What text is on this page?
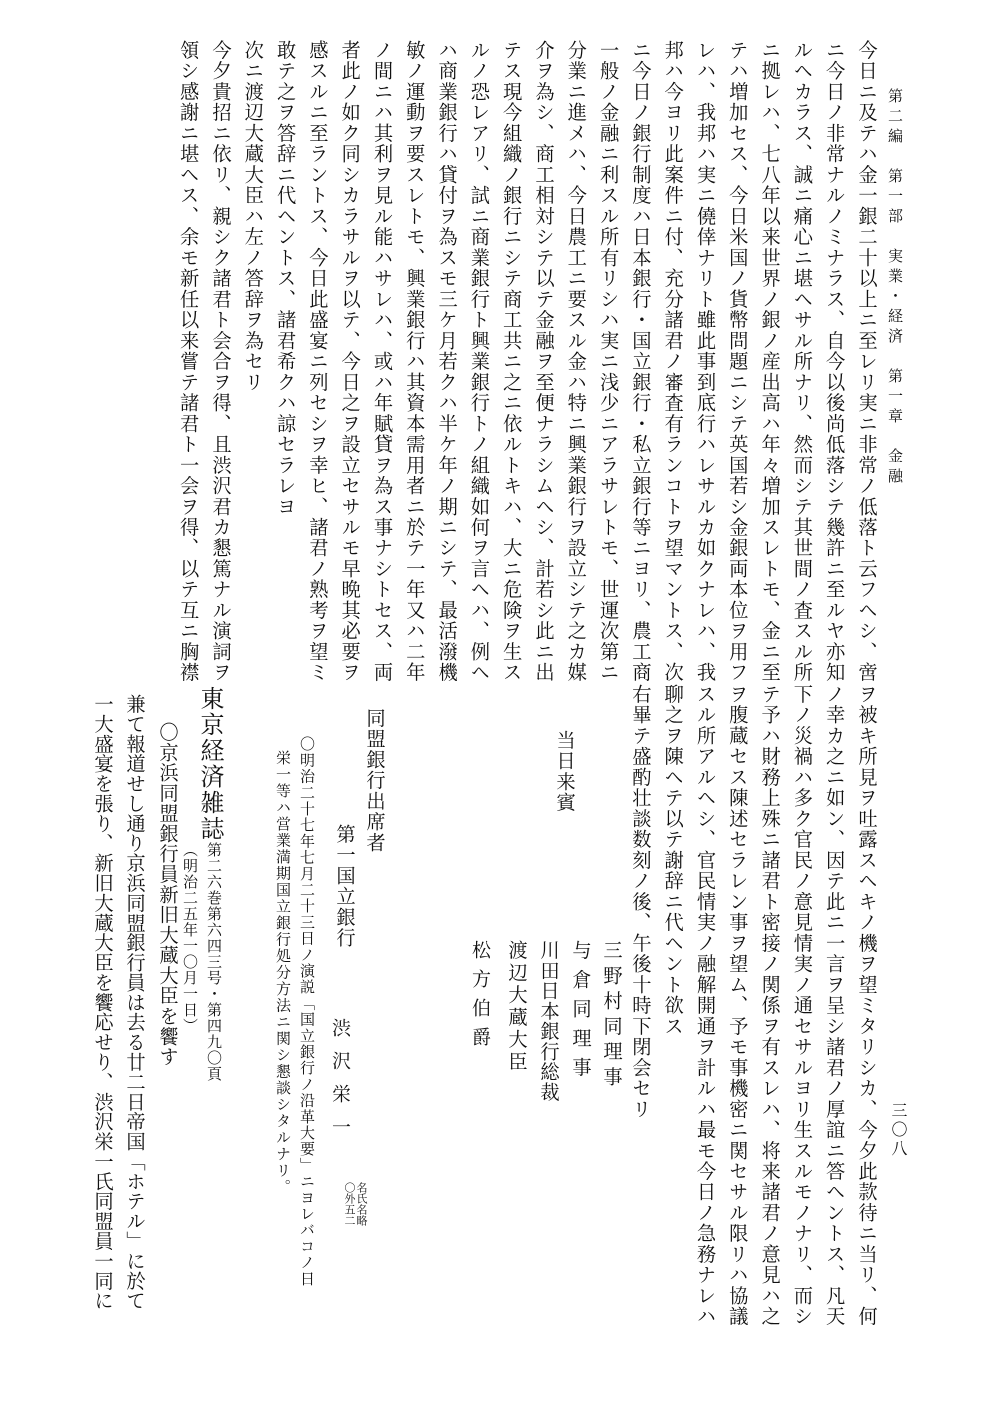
第二編　第一部　実業・経済　第一章　金融
三〇八
今日ニ及テハ金一銀二十以上ニ至レリ実ニ非常ノ低落ト云フヘシ、啻
ニ今日ノ非常ナルノミナラス、自今以後尚低落シテ幾許ニ至ルヤ亦知
ルヘカラス、誠ニ痛心ニ堪ヘサル所ナリ、然而シテ其世間ノ査スル所
ニ拠レハ、七八年以来世界ノ銀ノ産出高ハ年々増加スレトモ、金ニ至
テハ増加セス、今日米国ノ貨幣問題ニシテ英国若シ金銀両本位ヲ用フ
レハ、我邦ハ実ニ僥倖ナリト雖此事到底行ハレサルカ如クナレハ、我
邦ハ今ヨリ此案件ニ付、充分諸君ノ審査有ランコトヲ望マントス、次
ニ今日ノ銀行制度ハ日本銀行・国立銀行・私立銀行等ニヨリ、農工商
一般ノ金融ニ利スル所有リシハ実ニ浅少ニアラサレトモ、世運次第ニ
分業ニ進メハ、今日農工ニ要スル金ハ特ニ興業銀行ヲ設立シテ之カ媒
介ヲ為シ、商工相対シテ以テ金融ヲ至便ナラシムヘシ、計若シ此ニ出
テス現今組織ノ銀行ニシテ商工共ニ之ニ依ルトキハ、大ニ危険ヲ生ス
ルノ恐レアリ、試ニ商業銀行ト興業銀行トノ組織如何ヲ言ヘハ、例ヘ
ハ商業銀行ハ貸付ヲ為スモ三ケ月若クハ半ケ年ノ期ニシテ、最活潑機
敏ノ運動ヲ要スレトモ、興業銀行ハ其資本需用者ニ於テ一年又ハ二年
ノ間ニハ其利ヲ見ル能ハサレハ、或ハ年賦貸ヲ為ス事ナシトセス、両
者此ノ如ク同シカラサルヲ以テ、今日之ヲ設立セサルモ早晩其必要ヲ
感スルニ至ラントス、今日此盛宴ニ列セシヲ幸ヒ、諸君ノ熟考ヲ望ミ
敢テ之ヲ答辞ニ代ヘントス、諸君希クハ諒セラレヨ
次ニ渡辺大蔵大臣ハ左ノ答辞ヲ為セリ
今夕貴招ニ依リ、親シク諸君ト会合ヲ得、且渋沢君カ懇篤ナル演詞ヲ
領シ感謝ニ堪ヘス、余モ新任以来嘗テ諸君ト一会ヲ得、以テ互ニ胸襟
ヲ被キ所見ヲ吐露スヘキノ機ヲ望ミタリシカ、今夕此款待ニ当リ、何
ノ幸カ之ニ如ン、因テ此ニ一言ヲ呈シ諸君ノ厚誼ニ答ヘントス、凡天
下ノ災禍ハ多ク官民ノ意見情実ノ通セサルヨリ生スルモノナリ、而シ
テ予ハ財務上殊ニ諸君ト密接ノ関係ヲ有スレハ、将来諸君ノ意見ハ之
ヲ腹蔵セス陳述セラレン事ヲ望ム、予モ事機密ニ関セサル限リハ協議
スル所アルヘシ、官民情実ノ融解開通ヲ計ルハ最モ今日ノ急務ナレハ
聊之ヲ陳ヘテ以テ謝辞ニ代ヘント欲ス
右畢テ盛酌壮談数刻ノ後、午後十時下閉会セリ
当日来賓
松方伯爵 渡辺大蔵大臣 川田日本銀行総裁 与倉同理事 三野村同理事
同盟銀行出席者
第一国立銀行
渋沢栄一
〇外五二 名氏名略
〇明治二十七年七月二十三日ノ演説「国立銀行ノ沿革大要」ニヨレバコノ日
栄一等ハ営業満期国立銀行処分方法ニ関シ懇談シタルナリ。
東京経済雑誌
第二六巻第六四三号・第四九〇頁
（明治二五年一〇月一日）
〇京浜同盟銀行員新旧大蔵大臣を饗す
兼て報道せし通り京浜同盟銀行員は去る廿二日帝国「ホテル」に於て
一大盛宴を張り、新旧大蔵大臣を饗応せり、渋沢栄一氏同盟員一同に
